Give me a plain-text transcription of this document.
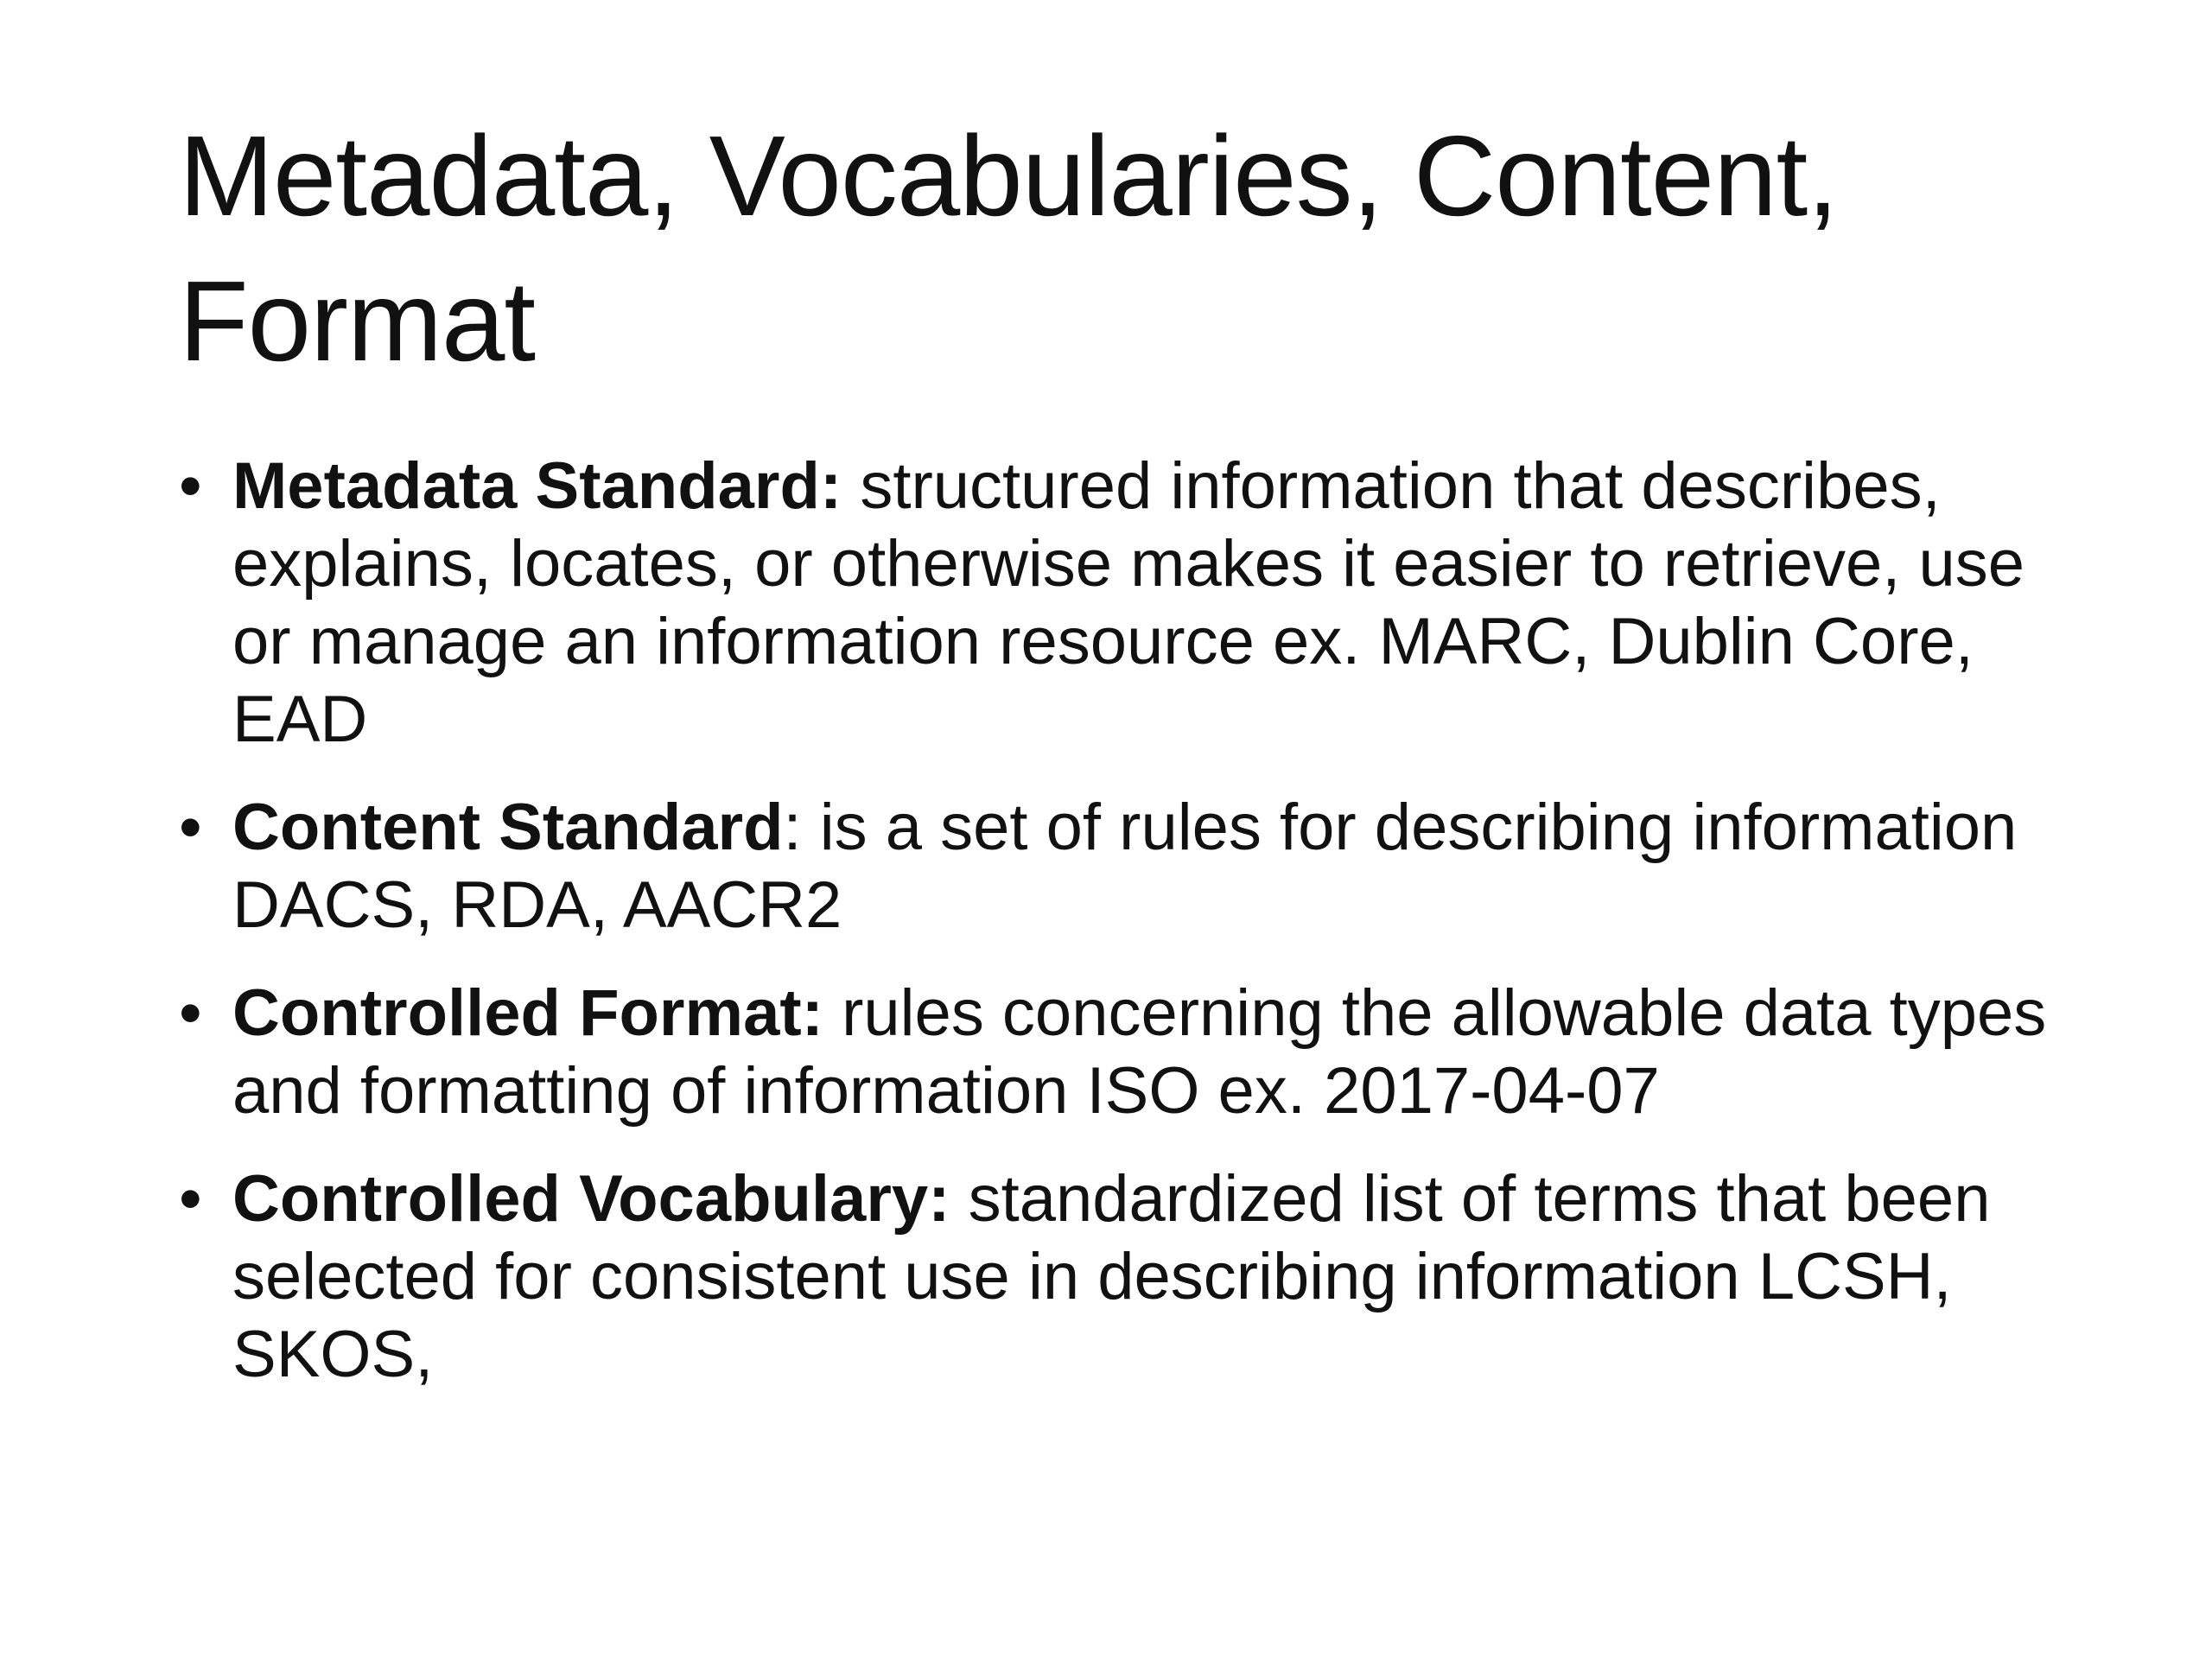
Metadata, Vocabularies, Content, Format
• Metadata Standard: structured information that describes, explains, locates, or otherwise makes it easier to retrieve, use or manage an information resource ex. MARC, Dublin Core, EAD
• Content Standard: is a set of rules for describing information DACS, RDA, AACR2
• Controlled Format: rules concerning the allowable data types and formatting of information ISO ex. 2017-04-07
• Controlled Vocabulary: standardized list of terms that been selected for consistent use in describing information LCSH, SKOS,
